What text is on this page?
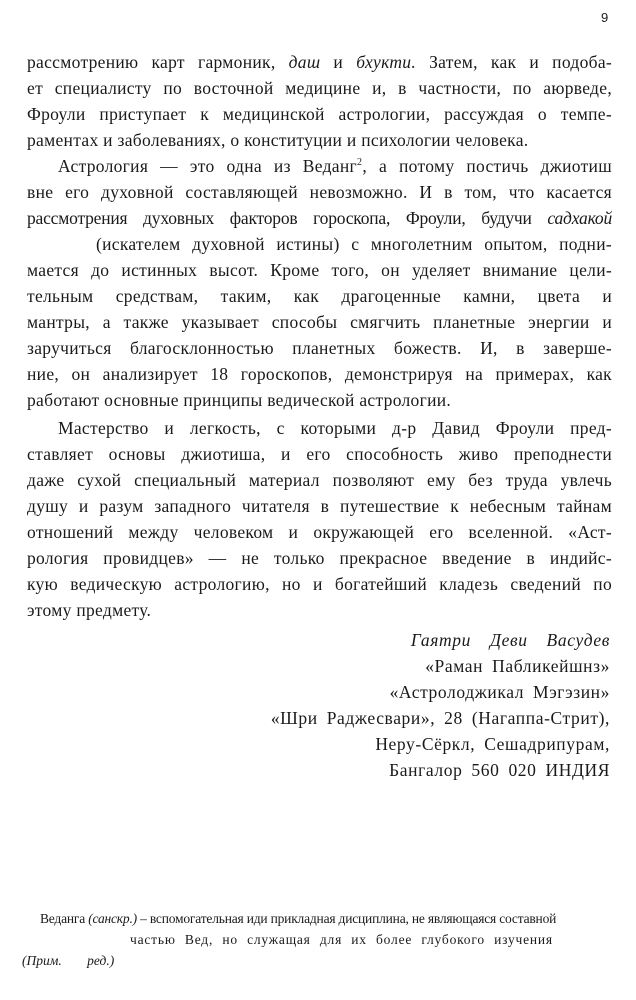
9
рассмотрению карт гармоник, даш и бхукти. Затем, как и подоба-
ет специалисту по восточной медицине и, в частности, по аюрведе,
Фроули приступает к медицинской астрологии, рассуждая о темпе-
раментах и заболеваниях, о конституции и психологии человека.
Астрология — это одна из Веданг$^2$, а потому постичь джиотиш
вне его духовной составляющей невозможно. И в том, что касается
рассмотрения духовных факторов гороскопа, Фроули, будучи садхакой
(искателем духовной истины) с многолетним опытом, подни-
мается до истинных высот. Кроме того, он уделяет внимание цели-
тельным средствам, таким, как драгоценные камни, цвета и
мантры, а также указывает способы смягчить планетные энергии и
заручиться благосклонностью планетных божеств. И, в заверше-
ние, он анализирует 18 гороскопов, демонстрируя на примерах, как
работают основные принципы ведической астрологии.
Мастерство и легкость, с которыми д-р Давид Фроули пред-
ставляет основы джиотиша, и его способность живо преподнести
даже сухой специальный материал позволяют ему без труда увлечь
душу и разум западного читателя в путешествие к небесным тайнам
отношений между человеком и окружающей его вселенной. «Аст-
рология провидцев» — не только прекрасное введение в индийс-
кую ведическую астрологию, но и богатейший кладезь сведений по
этому предмету.
Гаятри Деви Васудев
«Раман Пабликейшнз»
«Астролоджикал Мэгэзин»
«Шри Раджесвари», 28 (Нагаппа-Стрит),
Неру-Сёркл, Сешадрипурам,
Бангалор 560 020 ИНДИЯ
Веданга (санскр.) – вспомогательная иди прикладная дисциплина, не являющаяся составной
частью Вед, но служащая для их более глубокого изучения
(Прим. ред.)
